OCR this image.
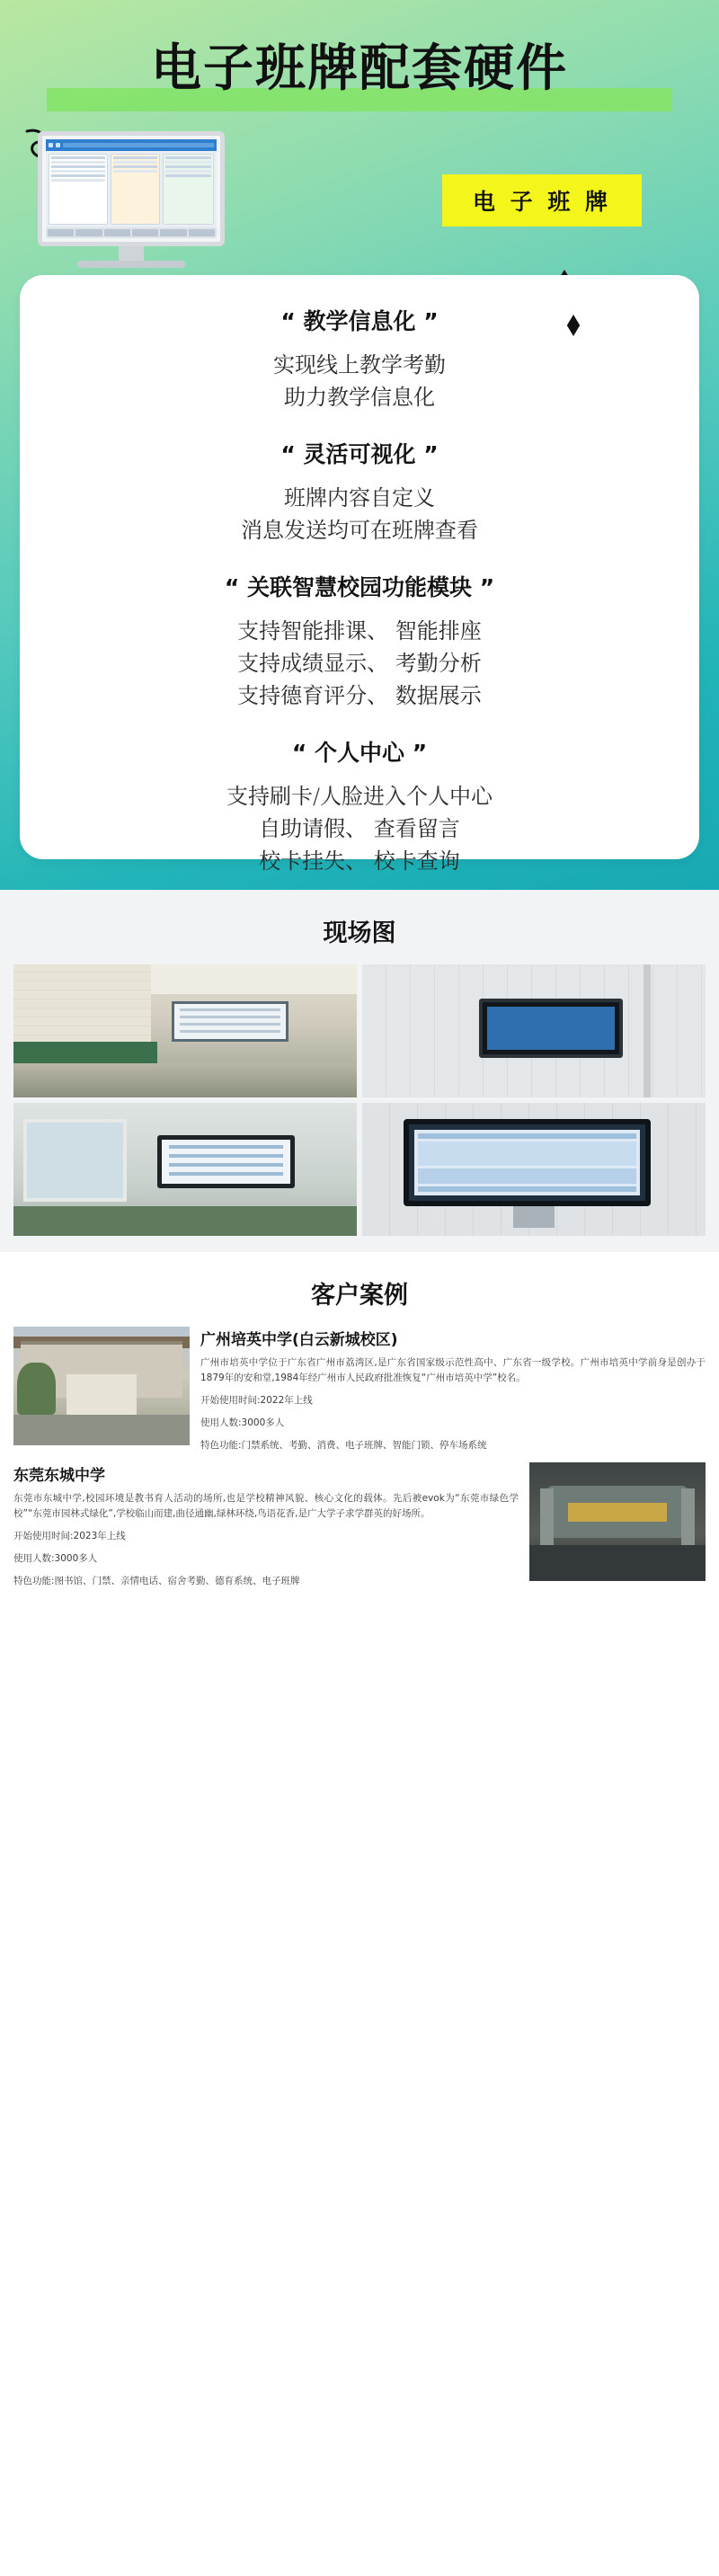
电子班牌配套硬件
电 子 班 牌
“ 教学信息化 ”

实现线上教学考勤

助力教学信息化

“ 灵活可视化 ”

班牌内容自定义

消息发送均可在班牌查看

“ 关联智慧校园功能模块 ”

支持智能排课、 智能排座

支持成绩显示、 考勤分析

支持德育评分、 数据展示

“ 个人中心 ”

支持刷卡/人脸进入个人中心

自助请假、 查看留言

校卡挂失、 校卡查询

现场图
客户案例
广州培英中学(白云新城校区)
广州市培英中学位于广东省广州市荔湾区,是广东省国家级示范性高中、广东省一级学校。广州市培英中学前身是创办于1879年的安和堂,1984年经广州市人民政府批准恢复“广州市培英中学”校名。
开始使用时间:2022年上线
使用人数:3000多人
特色功能:门禁系统、考勤、消费、电子班牌、智能门锁、停车场系统
东莞东城中学
东莞市东城中学,校园环境是教书育人活动的场所,也是学校精神风貌、核心文化的载体。先后被evok为“东莞市绿色学校”“东莞市园林式绿化”,学校临山而建,曲径通幽,绿林环绕,鸟语花香,是广大学子求学群英的好场所。
开始使用时间:2023年上线
使用人数:3000多人
特色功能:图书馆、门禁、亲情电话、宿舍考勤、德育系统、电子班牌
